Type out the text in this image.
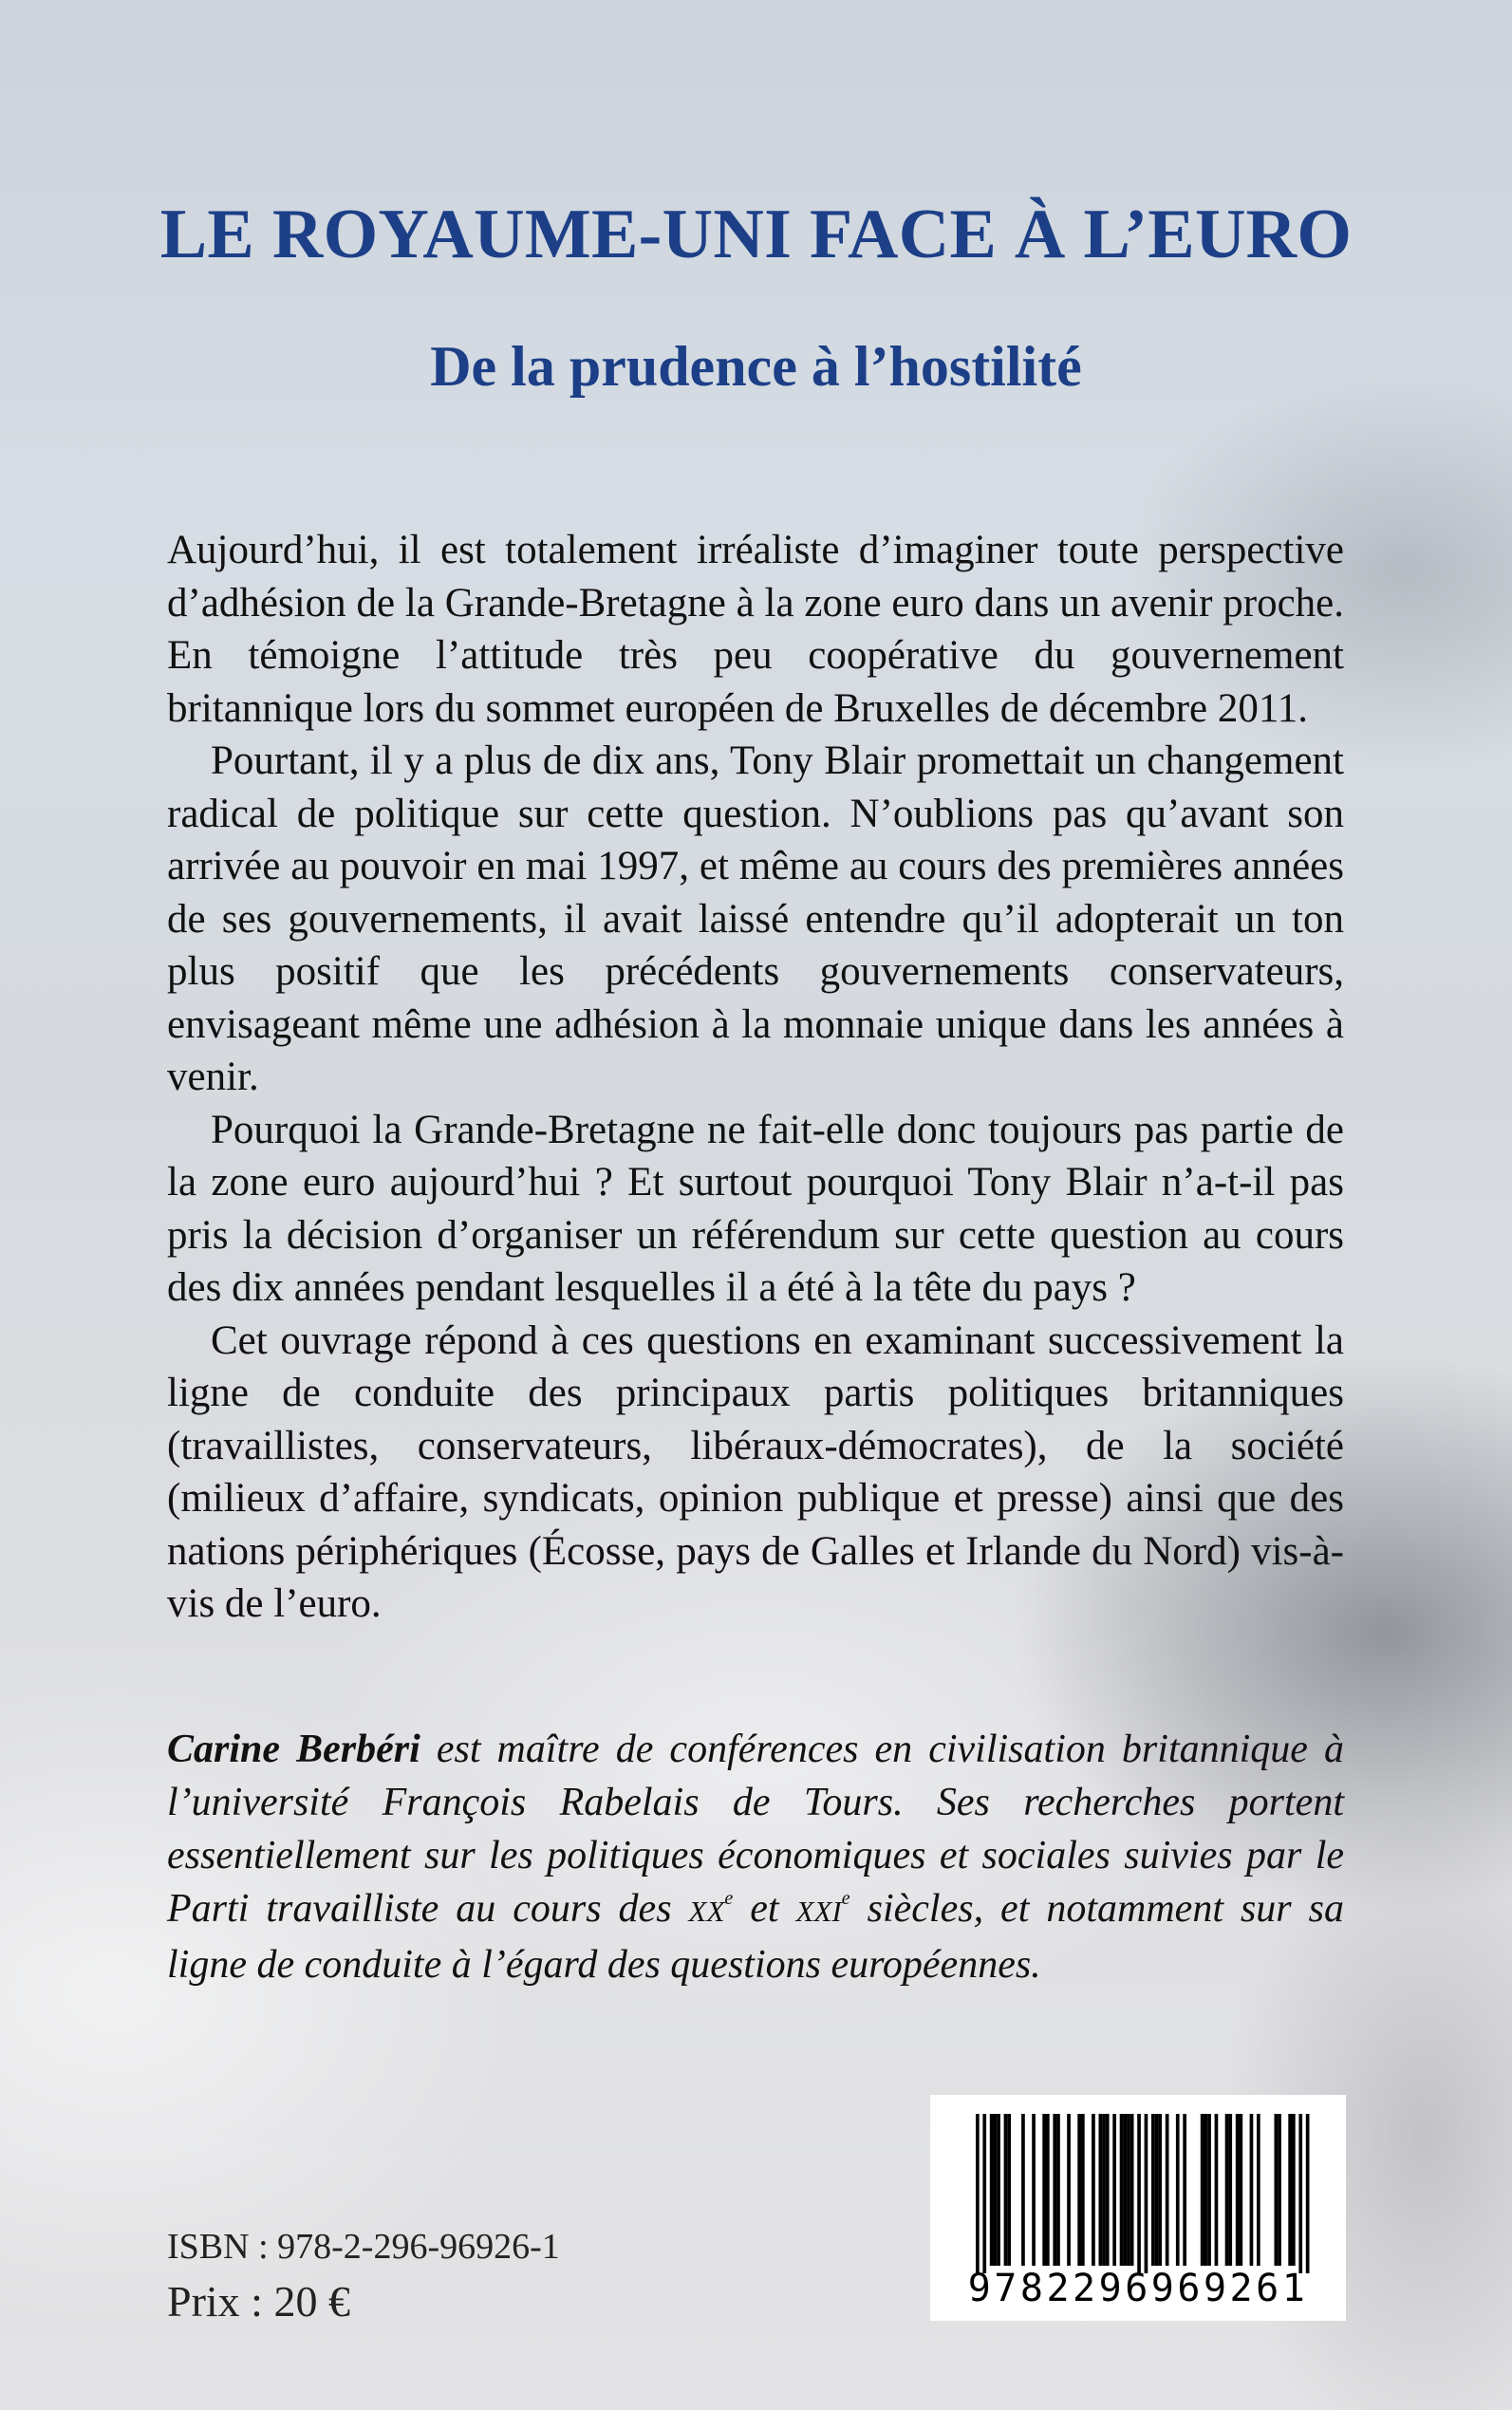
LE ROYAUME-UNI FACE À L’EURO
De la prudence à l’hostilité

Aujourd’hui, il est totalement irréaliste d’imaginer toute perspective d’adhésion de la Grande-Bretagne à la zone euro dans un avenir proche. En témoigne l’attitude très peu coopérative du gouvernement britannique lors du sommet européen de Bruxelles de décembre 2011.

Pourtant, il y a plus de dix ans, Tony Blair promettait un changement radical de politique sur cette question. N’oublions pas qu’avant son arrivée au pouvoir en mai 1997, et même au cours des premières années de ses gouvernements, il avait laissé entendre qu’il adopterait un ton plus positif que les précédents gouvernements conservateurs, envisageant même une adhésion à la monnaie unique dans les années à venir.

Pourquoi la Grande-Bretagne ne fait-elle donc toujours pas partie de la zone euro aujourd’hui ? Et surtout pourquoi Tony Blair n’a-t-il pas pris la décision d’organiser un référendum sur cette question au cours des dix années pendant lesquelles il a été à la tête du pays ?

Cet ouvrage répond à ces questions en examinant successivement la ligne de conduite des principaux partis politiques britanniques (travaillistes, conservateurs, libéraux-démocrates), de la société (milieux d’affaire, syndicats, opinion publique et presse) ainsi que des nations périphériques (Écosse, pays de Galles et Irlande du Nord) vis-à-vis de l’euro.

Carine Berbéri est maître de conférences en civilisation britannique à l’université François Rabelais de Tours. Ses recherches portent essentiellement sur les politiques économiques et sociales suivies par le Parti travailliste au cours des XXe et XXIe siècles, et notamment sur sa ligne de conduite à l’égard des questions européennes.

ISBN : 978-2-296-96926-1

Prix : 20 €	9782296969261
